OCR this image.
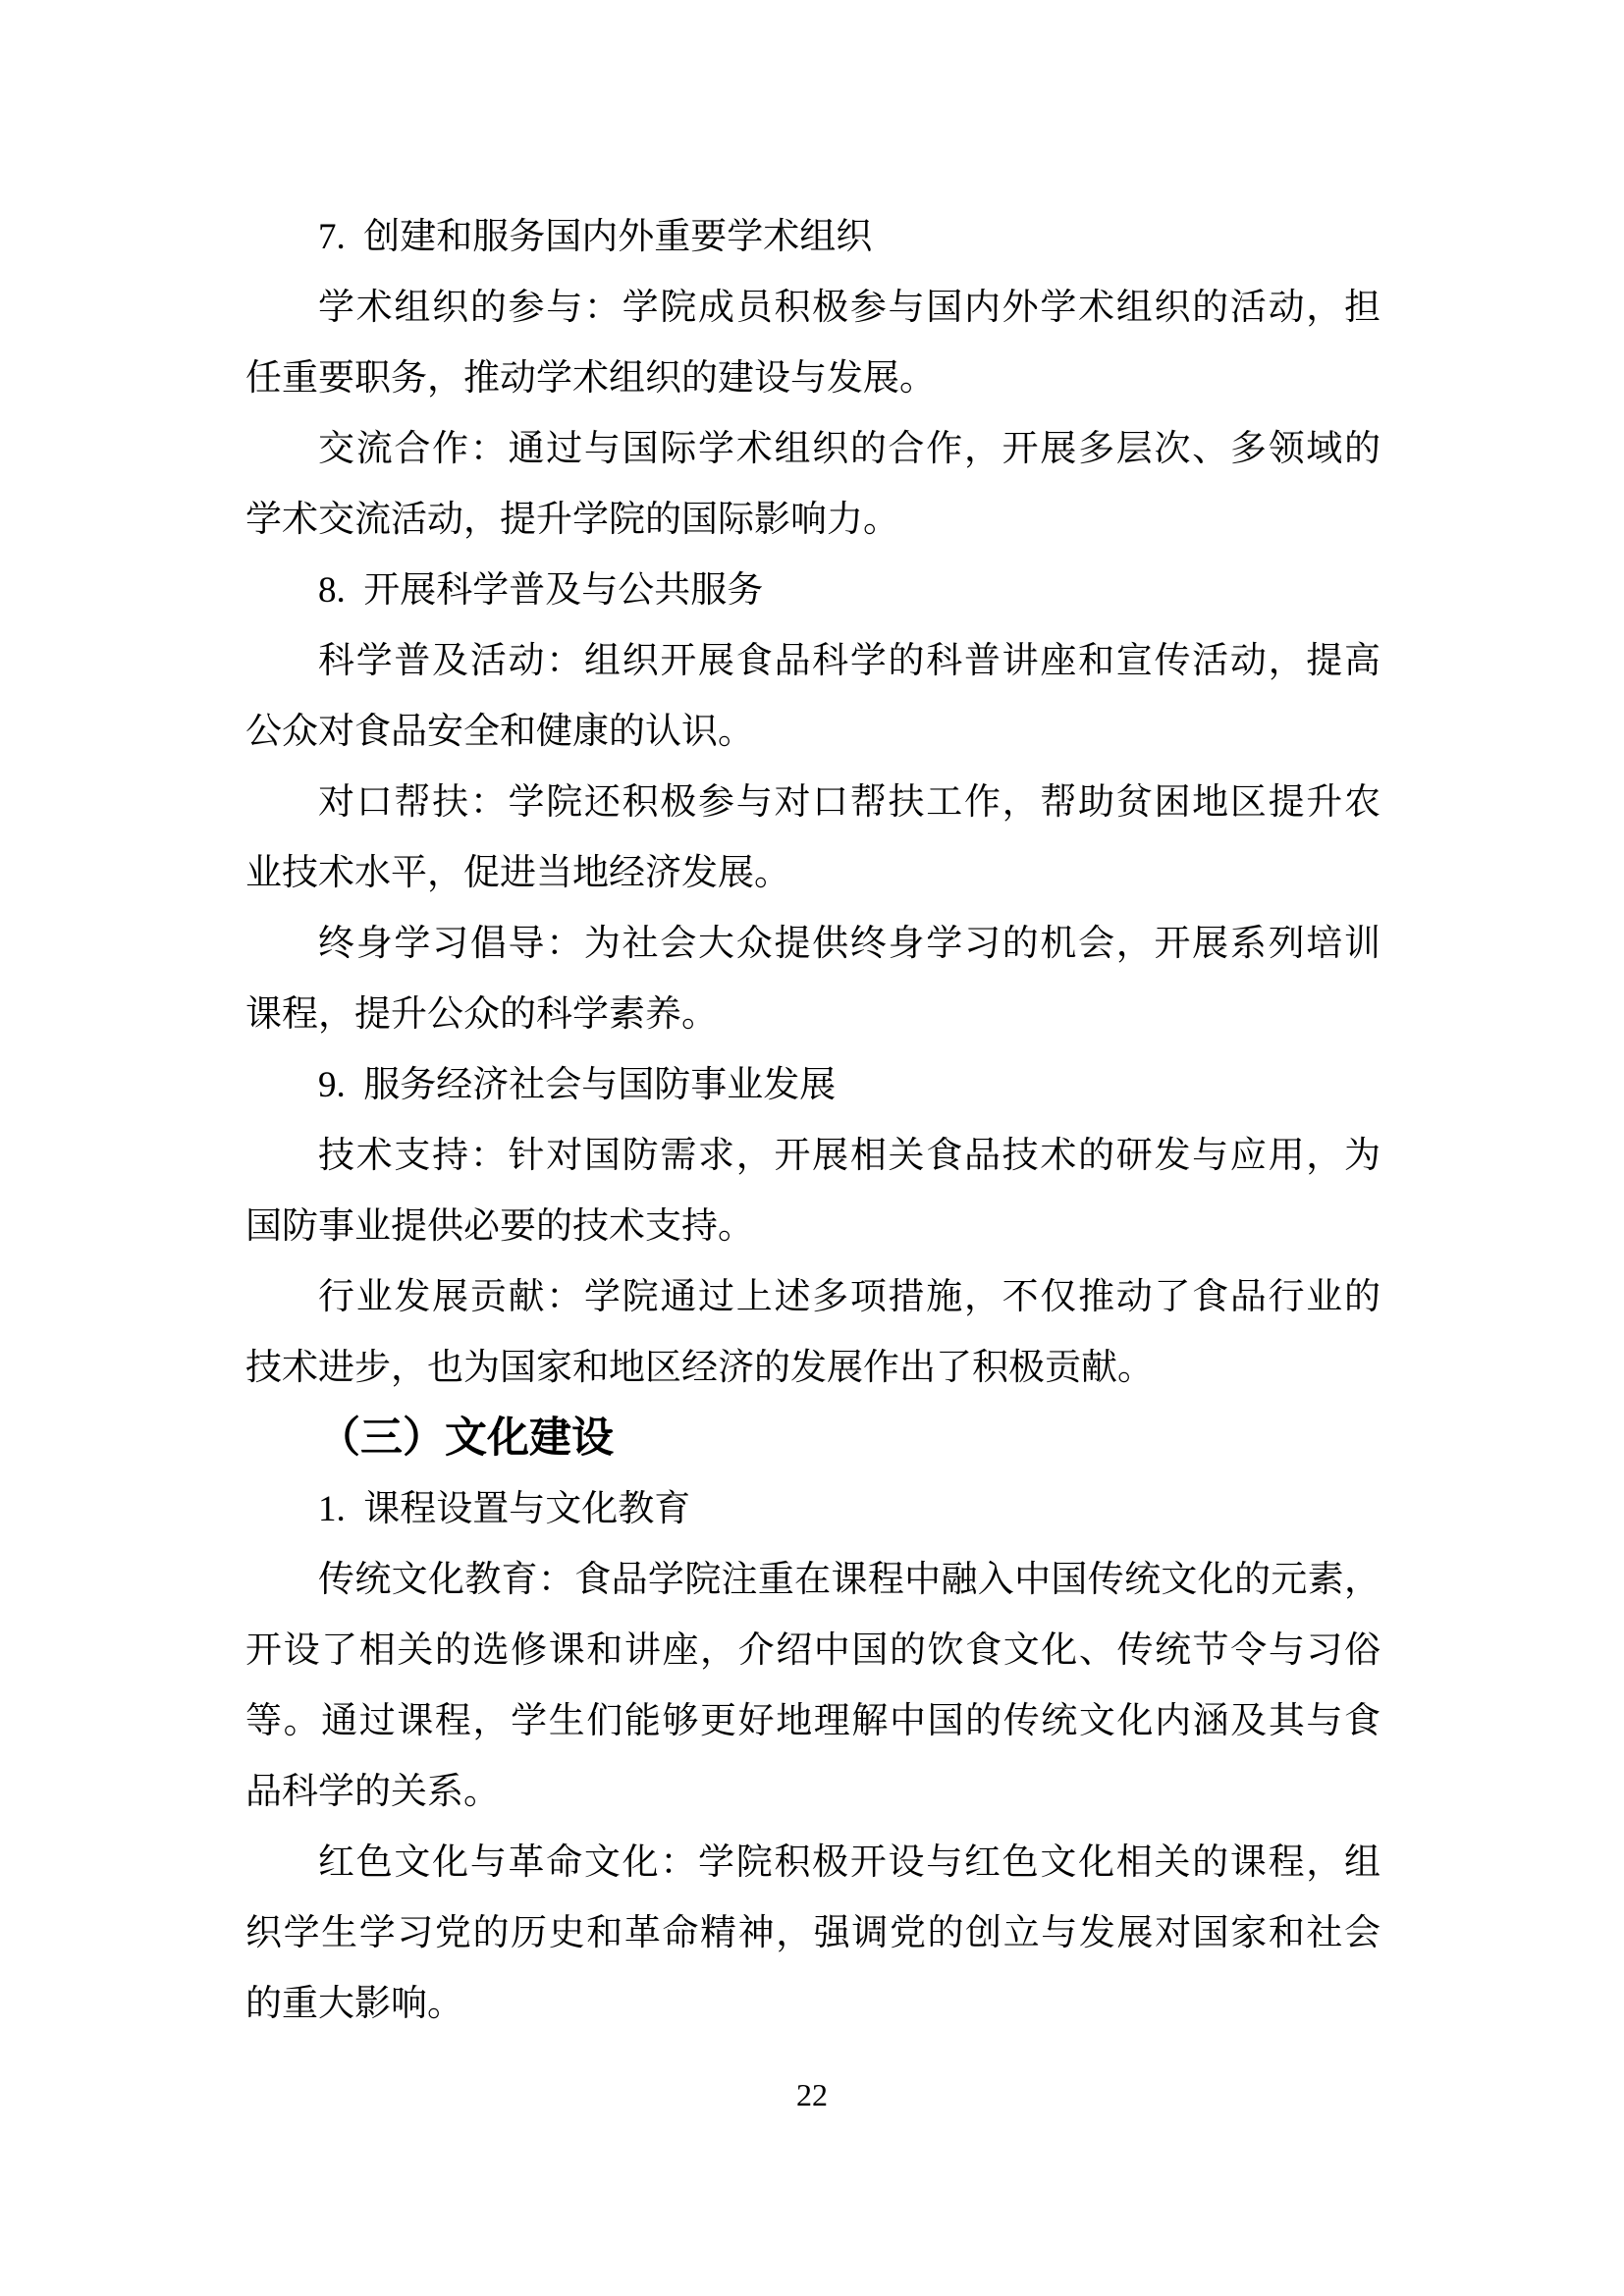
7. 创建和服务国内外重要学术组织

学术组织的参与：学院成员积极参与国内外学术组织的活动，担
任重要职务，推动学术组织的建设与发展。

交流合作：通过与国际学术组织的合作，开展多层次、多领域的
学术交流活动，提升学院的国际影响力。

8. 开展科学普及与公共服务

科学普及活动：组织开展食品科学的科普讲座和宣传活动，提高
公众对食品安全和健康的认识。

对口帮扶：学院还积极参与对口帮扶工作，帮助贫困地区提升农
业技术水平，促进当地经济发展。

终身学习倡导：为社会大众提供终身学习的机会，开展系列培训
课程，提升公众的科学素养。

9. 服务经济社会与国防事业发展

技术支持：针对国防需求，开展相关食品技术的研发与应用，为
国防事业提供必要的技术支持。

行业发展贡献：学院通过上述多项措施，不仅推动了食品行业的
技术进步，也为国家和地区经济的发展作出了积极贡献。

（三）文化建设

1. 课程设置与文化教育

传统文化教育：食品学院注重在课程中融入中国传统文化的元素，
开设了相关的选修课和讲座，介绍中国的饮食文化、传统节令与习俗
等。通过课程，学生们能够更好地理解中国的传统文化内涵及其与食
品科学的关系。

红色文化与革命文化：学院积极开设与红色文化相关的课程，组
织学生学习党的历史和革命精神，强调党的创立与发展对国家和社会
的重大影响。

22
